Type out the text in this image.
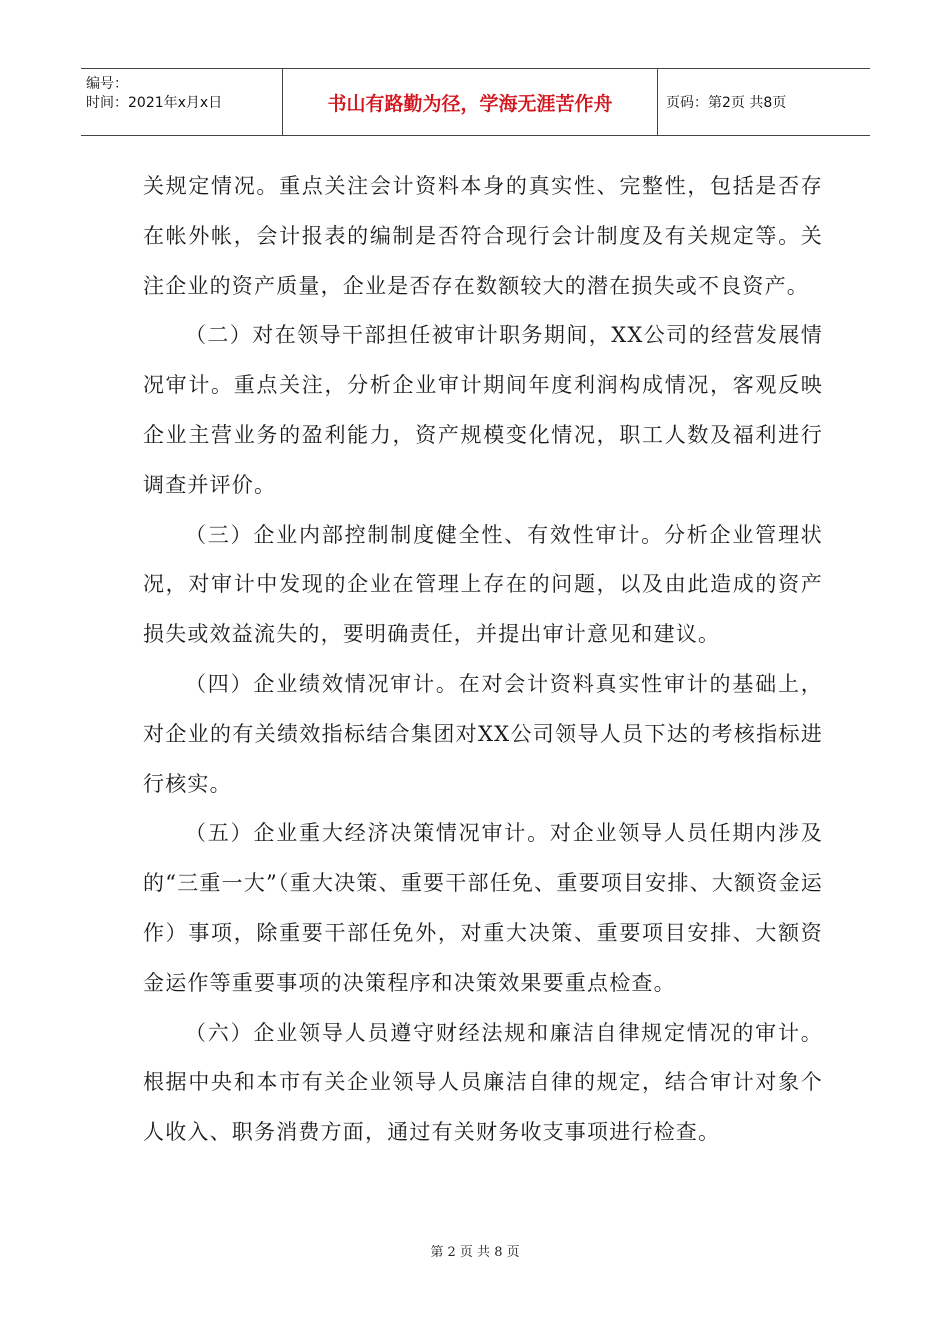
编号：
时间：2021年x月x日	书山有路勤为径，学海无涯苦作舟	页码：第2页 共8页

关规定情况。重点关注会计资料本身的真实性、完整性，包括是否存在帐外帐，会计报表的编制是否符合现行会计制度及有关规定等。关注企业的资产质量，企业是否存在数额较大的潜在损失或不良资产。

（二）对在领导干部担任被审计职务期间，XX公司的经营发展情况审计。重点关注，分析企业审计期间年度利润构成情况，客观反映企业主营业务的盈利能力，资产规模变化情况，职工人数及福利进行调查并评价。

（三）企业内部控制制度健全性、有效性审计。分析企业管理状况，对审计中发现的企业在管理上存在的问题，以及由此造成的资产损失或效益流失的，要明确责任，并提出审计意见和建议。

（四）企业绩效情况审计。在对会计资料真实性审计的基础上，对企业的有关绩效指标结合集团对XX公司领导人员下达的考核指标进行核实。

（五）企业重大经济决策情况审计。对企业领导人员任期内涉及的“三重一大”（重大决策、重要干部任免、重要项目安排、大额资金运作）事项，除重要干部任免外，对重大决策、重要项目安排、大额资金运作等重要事项的决策程序和决策效果要重点检查。

（六）企业领导人员遵守财经法规和廉洁自律规定情况的审计。根据中央和本市有关企业领导人员廉洁自律的规定，结合审计对象个人收入、职务消费方面，通过有关财务收支事项进行检查。

第 2 页 共 8 页
